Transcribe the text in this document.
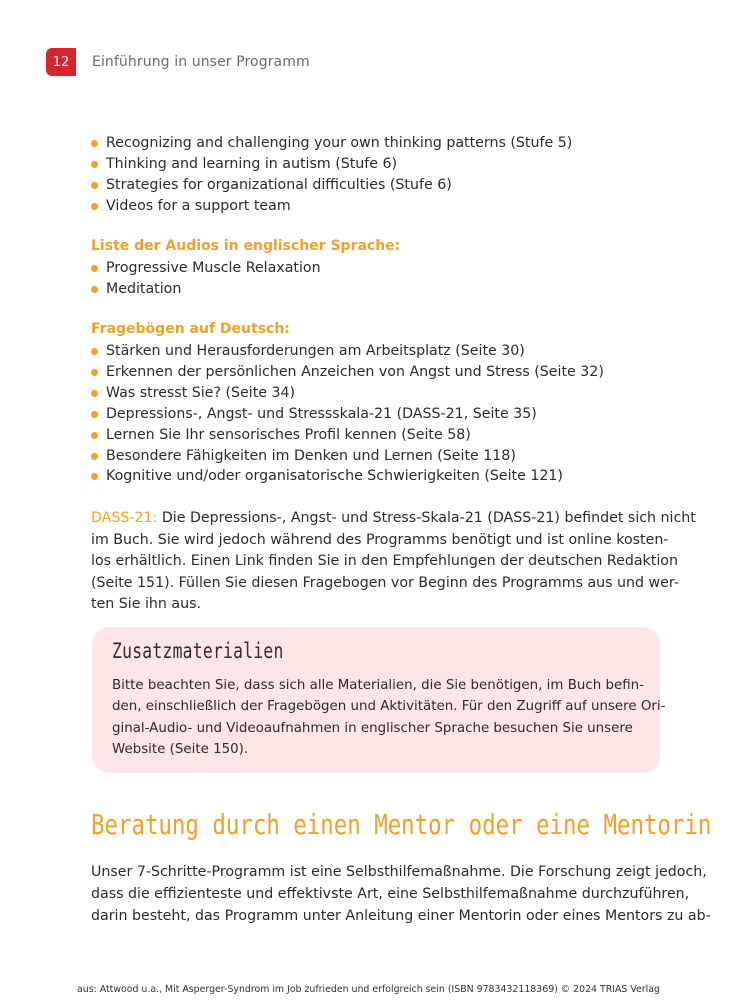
12	Einführung in unser Programm
Recognizing and challenging your own thinking patterns (Stufe 5)
Thinking and learning in autism (Stufe 6)
Strategies for organizational difficulties (Stufe 6)
Videos for a support team
Liste der Audios in englischer Sprache:
Progressive Muscle Relaxation
Meditation
Fragebögen auf Deutsch:
Stärken und Herausforderungen am Arbeitsplatz (Seite 30)
Erkennen der persönlichen Anzeichen von Angst und Stress (Seite 32)
Was stresst Sie? (Seite 34)
Depressions-, Angst- und Stressskala-21 (DASS-21, Seite 35)
Lernen Sie Ihr sensorisches Profil kennen (Seite 58)
Besondere Fähigkeiten im Denken und Lernen (Seite 118)
Kognitive und/oder organisatorische Schwierigkeiten (Seite 121)
DASS-21: Die Depressions-, Angst- und Stress-Skala-21 (DASS-21) befindet sich nicht
im Buch. Sie wird jedoch während des Programms benötigt und ist online kosten-
los erhältlich. Einen Link finden Sie in den Empfehlungen der deutschen Redaktion
(Seite 151). Füllen Sie diesen Fragebogen vor Beginn des Programms aus und wer-
ten Sie ihn aus.
Zusatzmaterialien
Bitte beachten Sie, dass sich alle Materialien, die Sie benötigen, im Buch befin-
den, einschließlich der Fragebögen und Aktivitäten. Für den Zugriff auf unsere Ori-
ginal-Audio- und Videoaufnahmen in englischer Sprache besuchen Sie unsere
Website (Seite 150).
Beratung durch einen Mentor oder eine Mentorin
Unser 7-Schritte-Programm ist eine Selbsthilfemaßnahme. Die Forschung zeigt jedoch,
dass die effizienteste und effektivste Art, eine Selbsthilfemaßnahme durchzuführen,
darin besteht, das Programm unter Anleitung einer Mentorin oder eines Mentors zu ab-
aus: Attwood u.a., Mit Asperger-Syndrom im Job zufrieden und erfolgreich sein (ISBN 9783432118369) © 2024 TRIAS Verlag
